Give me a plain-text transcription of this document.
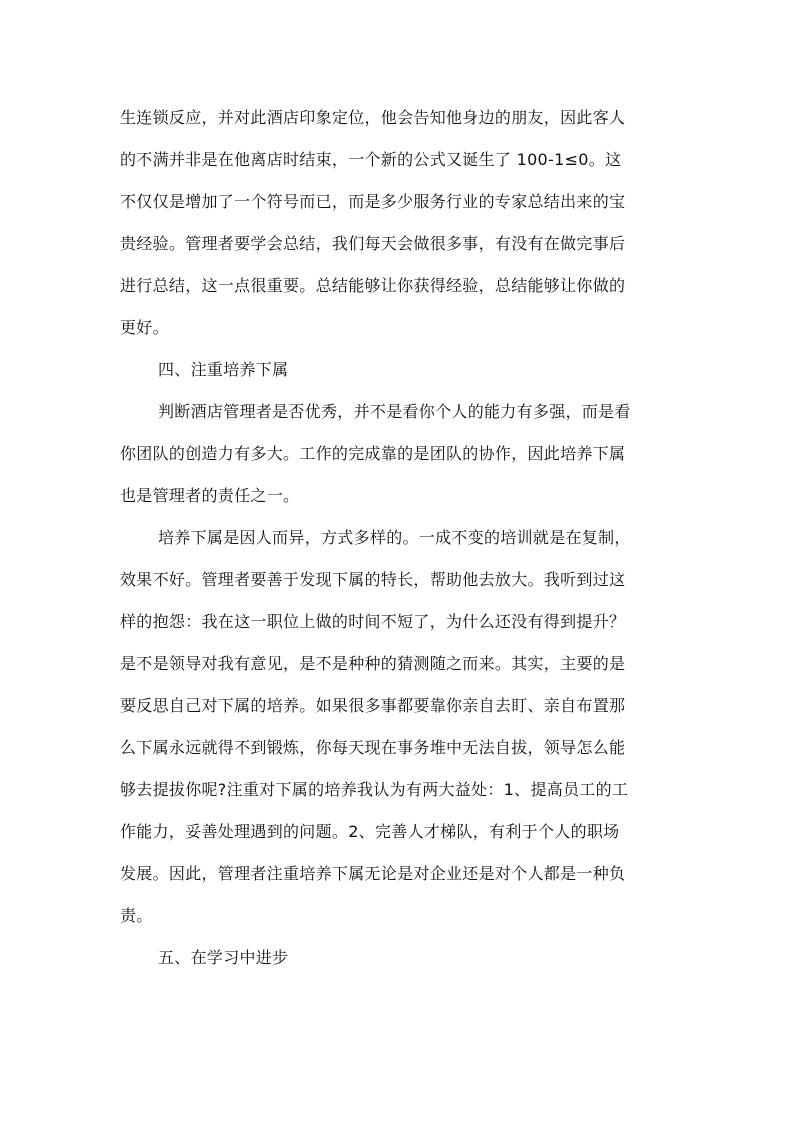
生连锁反应，并对此酒店印象定位，他会告知他身边的朋友，因此客人
的不满并非是在他离店时结束，一个新的公式又诞生了 100-1≤0。这
不仅仅是增加了一个符号而已，而是多少服务行业的专家总结出来的宝
贵经验。管理者要学会总结，我们每天会做很多事，有没有在做完事后
进行总结，这一点很重要。总结能够让你获得经验，总结能够让你做的
更好。
四、注重培养下属
判断酒店管理者是否优秀，并不是看你个人的能力有多强，而是看
你团队的创造力有多大。工作的完成靠的是团队的协作，因此培养下属
也是管理者的责任之一。
培养下属是因人而异，方式多样的。一成不变的培训就是在复制，
效果不好。管理者要善于发现下属的特长，帮助他去放大。我听到过这
样的抱怨：我在这一职位上做的时间不短了，为什么还没有得到提升？
是不是领导对我有意见，是不是种种的猜测随之而来。其实，主要的是
要反思自己对下属的培养。如果很多事都要靠你亲自去盯、亲自布置那
么下属永远就得不到锻炼，你每天现在事务堆中无法自拔，领导怎么能
够去提拔你呢?注重对下属的培养我认为有两大益处：1、提高员工的工
作能力，妥善处理遇到的问题。2、完善人才梯队，有利于个人的职场
发展。因此，管理者注重培养下属无论是对企业还是对个人都是一种负
责。
五、在学习中进步
